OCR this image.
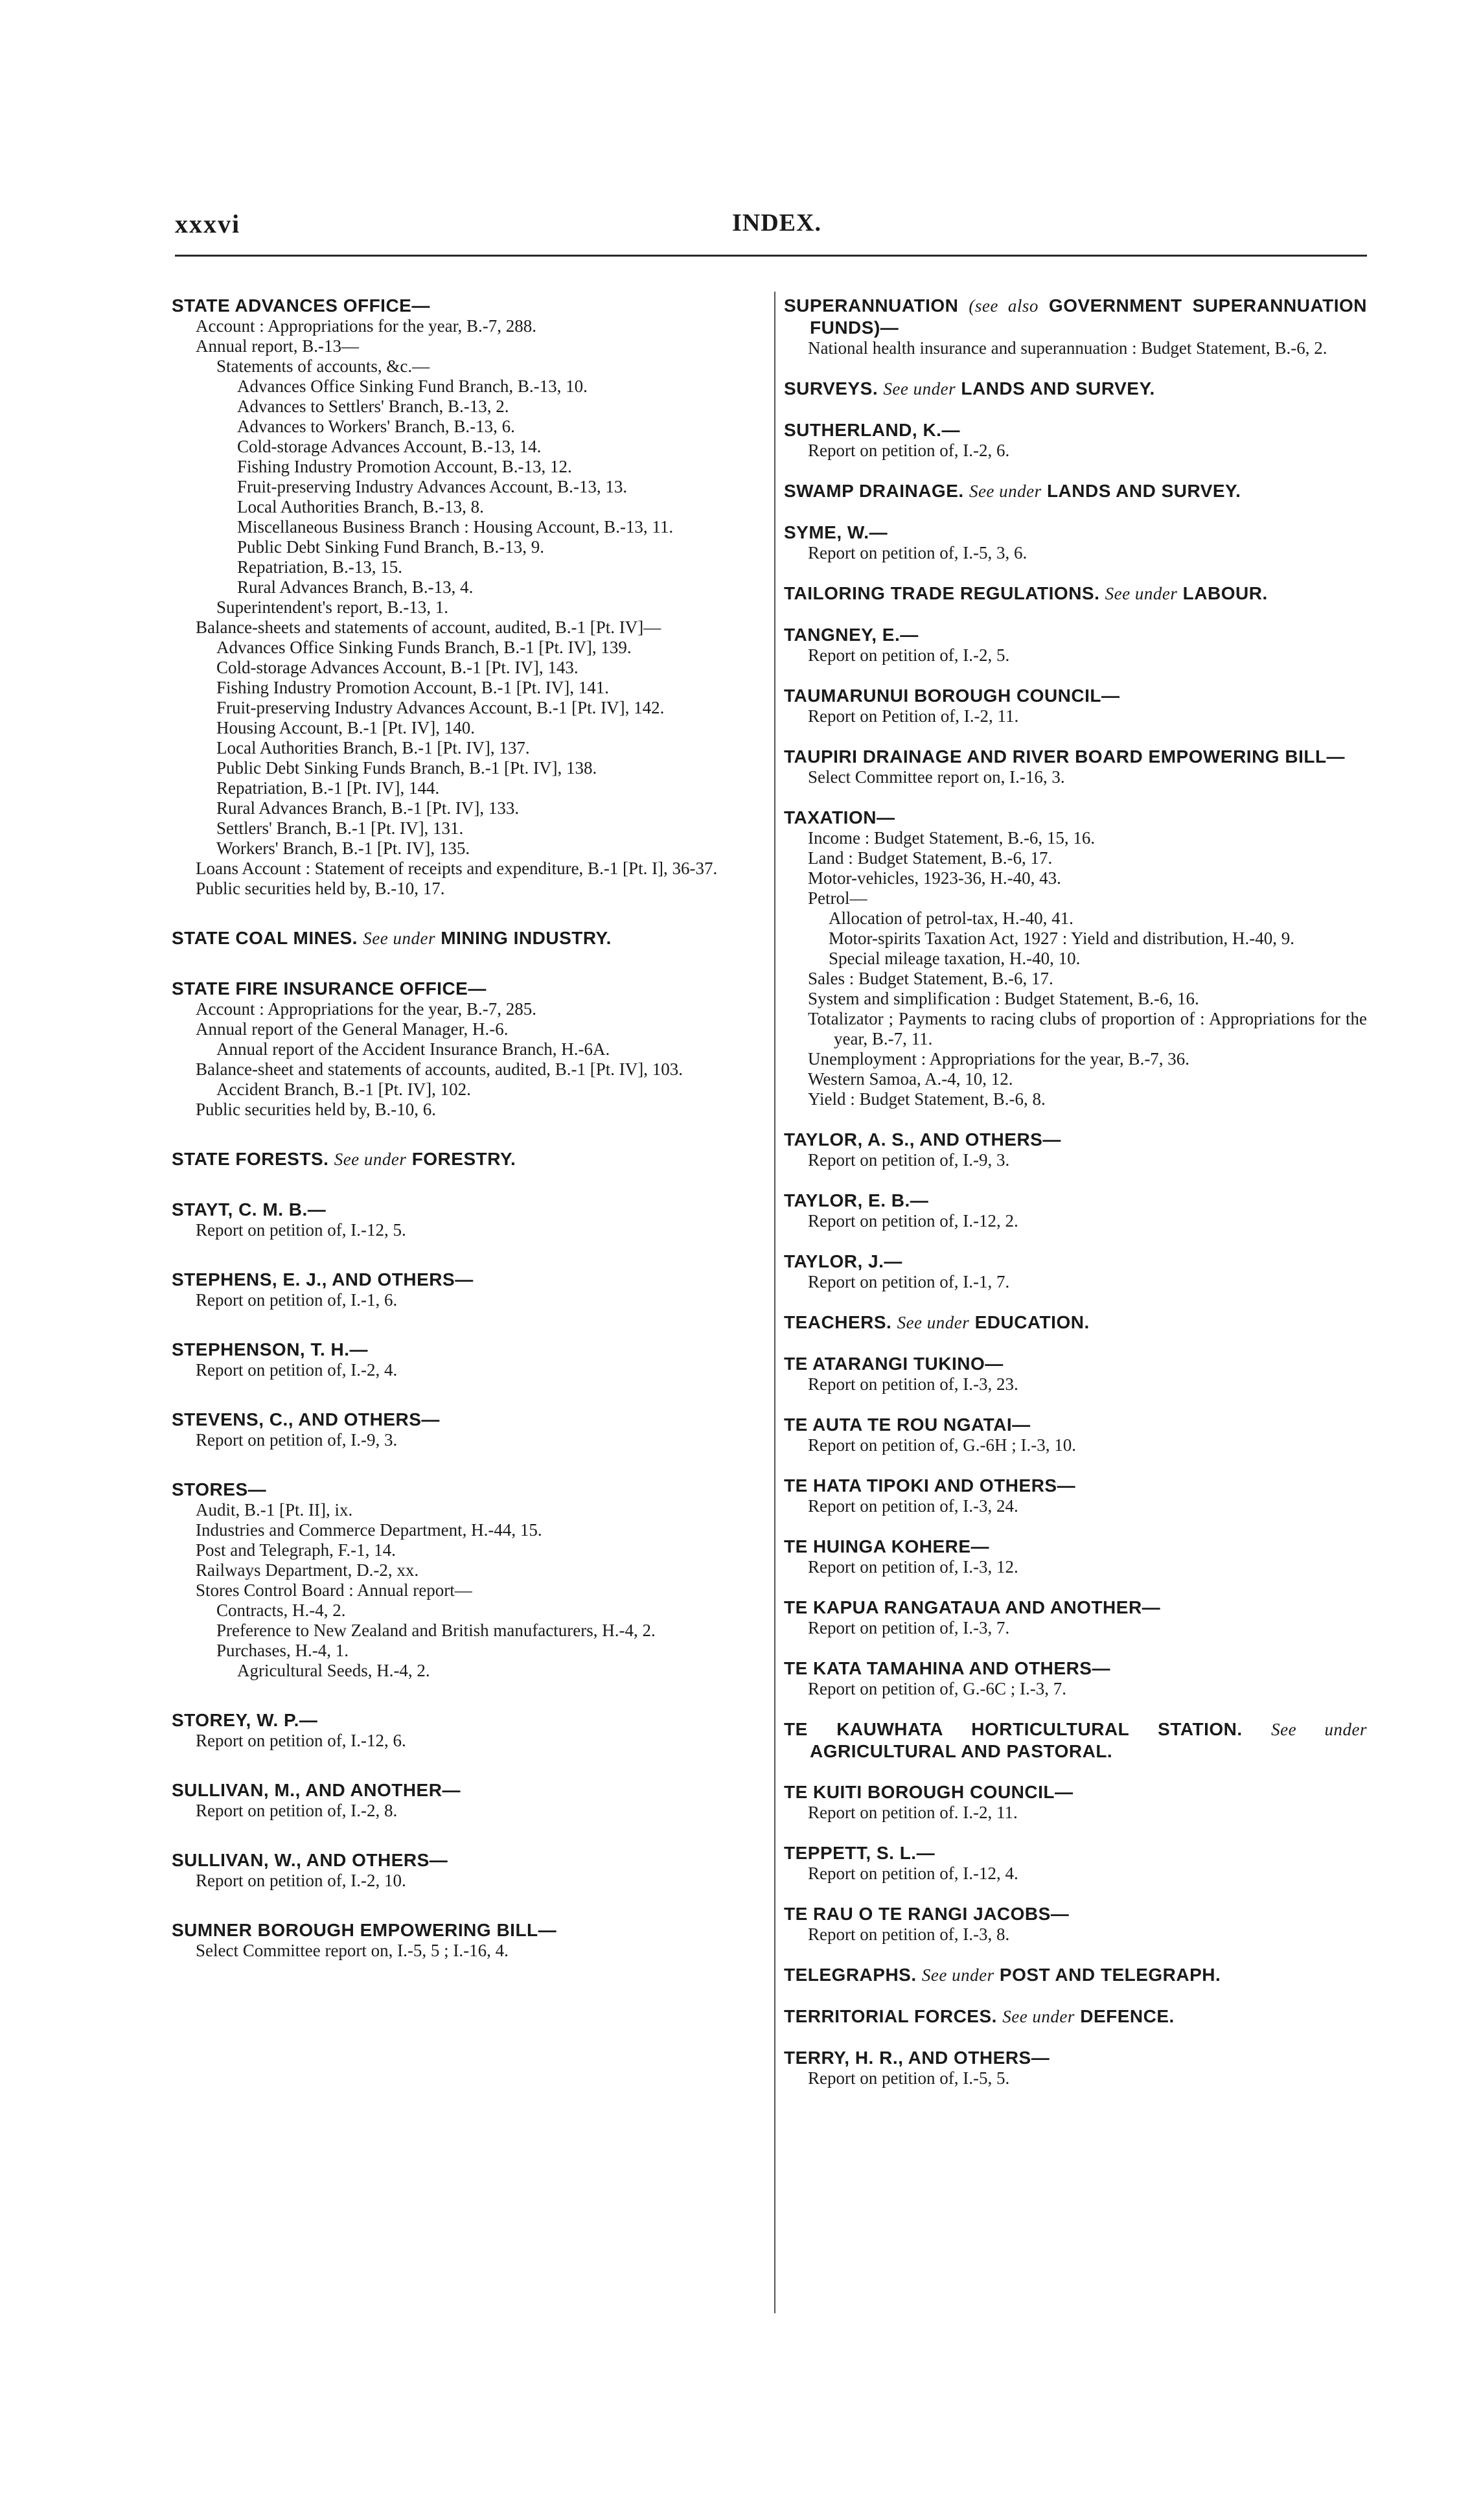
xxxvi	INDEX.
STATE ADVANCES OFFICE—
Account : Appropriations for the year, B.-7, 288.
Annual report, B.-13—
Statements of accounts, &c.—
Advances Office Sinking Fund Branch, B.-13, 10.
Advances to Settlers' Branch, B.-13, 2.
Advances to Workers' Branch, B.-13, 6.
Cold-storage Advances Account, B.-13, 14.
Fishing Industry Promotion Account, B.-13, 12.
Fruit-preserving Industry Advances Account, B.-13, 13.
Local Authorities Branch, B.-13, 8.
Miscellaneous Business Branch : Housing Account, B.-13, 11.
Public Debt Sinking Fund Branch, B.-13, 9.
Repatriation, B.-13, 15.
Rural Advances Branch, B.-13, 4.
Superintendent's report, B.-13, 1.
Balance-sheets and statements of account, audited, B.-1 [Pt. IV]—
Advances Office Sinking Funds Branch, B.-1 [Pt. IV], 139.
Cold-storage Advances Account, B.-1 [Pt. IV], 143.
Fishing Industry Promotion Account, B.-1 [Pt. IV], 141.
Fruit-preserving Industry Advances Account, B.-1 [Pt. IV], 142.
Housing Account, B.-1 [Pt. IV], 140.
Local Authorities Branch, B.-1 [Pt. IV], 137.
Public Debt Sinking Funds Branch, B.-1 [Pt. IV], 138.
Repatriation, B.-1 [Pt. IV], 144.
Rural Advances Branch, B.-1 [Pt. IV], 133.
Settlers' Branch, B.-1 [Pt. IV], 131.
Workers' Branch, B.-1 [Pt. IV], 135.
Loans Account : Statement of receipts and expenditure, B.-1 [Pt. I], 36-37.
Public securities held by, B.-10, 17.
STATE COAL MINES. See under MINING INDUSTRY.
STATE FIRE INSURANCE OFFICE—
Account : Appropriations for the year, B.-7, 285.
Annual report of the General Manager, H.-6.
Annual report of the Accident Insurance Branch, H.-6A.
Balance-sheet and statements of accounts, audited, B.-1 [Pt. IV], 103.
Accident Branch, B.-1 [Pt. IV], 102.
Public securities held by, B.-10, 6.
STATE FORESTS. See under FORESTRY.
STAYT, C. M. B.—
Report on petition of, I.-12, 5.
STEPHENS, E. J., AND OTHERS—
Report on petition of, I.-1, 6.
STEPHENSON, T. H.—
Report on petition of, I.-2, 4.
STEVENS, C., AND OTHERS—
Report on petition of, I.-9, 3.
STORES—
Audit, B.-1 [Pt. II], ix.
Industries and Commerce Department, H.-44, 15.
Post and Telegraph, F.-1, 14.
Railways Department, D.-2, xx.
Stores Control Board : Annual report—
Contracts, H.-4, 2.
Preference to New Zealand and British manufacturers, H.-4, 2.
Purchases, H.-4, 1.
Agricultural Seeds, H.-4, 2.
STOREY, W. P.—
Report on petition of, I.-12, 6.
SULLIVAN, M., AND ANOTHER—
Report on petition of, I.-2, 8.
SULLIVAN, W., AND OTHERS—
Report on petition of, I.-2, 10.
SUMNER BOROUGH EMPOWERING BILL—
Select Committee report on, I.-5, 5 ; I.-16, 4.
SUPERANNUATION (see also GOVERNMENT SUPERANNUATION FUNDS)—
National health insurance and superannuation : Budget Statement, B.-6, 2.
SURVEYS. See under LANDS AND SURVEY.
SUTHERLAND, K.—
Report on petition of, I.-2, 6.
SWAMP DRAINAGE. See under LANDS AND SURVEY.
SYME, W.—
Report on petition of, I.-5, 3, 6.
TAILORING TRADE REGULATIONS. See under LABOUR.
TANGNEY, E.—
Report on petition of, I.-2, 5.
TAUMARUNUI BOROUGH COUNCIL—
Report on Petition of, I.-2, 11.
TAUPIRI DRAINAGE AND RIVER BOARD EMPOWERING BILL—
Select Committee report on, I.-16, 3.
TAXATION—
Income : Budget Statement, B.-6, 15, 16.
Land : Budget Statement, B.-6, 17.
Motor-vehicles, 1923-36, H.-40, 43.
Petrol—
Allocation of petrol-tax, H.-40, 41.
Motor-spirits Taxation Act, 1927 : Yield and distribution, H.-40, 9.
Special mileage taxation, H.-40, 10.
Sales : Budget Statement, B.-6, 17.
System and simplification : Budget Statement, B.-6, 16.
Totalizator ; Payments to racing clubs of proportion of : Appropriations for the year, B.-7, 11.
Unemployment : Appropriations for the year, B.-7, 36.
Western Samoa, A.-4, 10, 12.
Yield : Budget Statement, B.-6, 8.
TAYLOR, A. S., AND OTHERS—
Report on petition of, I.-9, 3.
TAYLOR, E. B.—
Report on petition of, I.-12, 2.
TAYLOR, J.—
Report on petition of, I.-1, 7.
TEACHERS. See under EDUCATION.
TE ATARANGI TUKINO—
Report on petition of, I.-3, 23.
TE AUTA TE ROU NGATAI—
Report on petition of, G.-6H ; I.-3, 10.
TE HATA TIPOKI AND OTHERS—
Report on petition of, I.-3, 24.
TE HUINGA KOHERE—
Report on petition of, I.-3, 12.
TE KAPUA RANGATAUA AND ANOTHER—
Report on petition of, I.-3, 7.
TE KATA TAMAHINA AND OTHERS—
Report on petition of, G.-6C ; I.-3, 7.
TE KAUWHATA HORTICULTURAL STATION. See under AGRICULTURAL AND PASTORAL.
TE KUITI BOROUGH COUNCIL—
Report on petition of. I.-2, 11.
TEPPETT, S. L.—
Report on petition of, I.-12, 4.
TE RAU O TE RANGI JACOBS—
Report on petition of, I.-3, 8.
TELEGRAPHS. See under POST AND TELEGRAPH.
TERRITORIAL FORCES. See under DEFENCE.
TERRY, H. R., AND OTHERS—
Report on petition of, I.-5, 5.
